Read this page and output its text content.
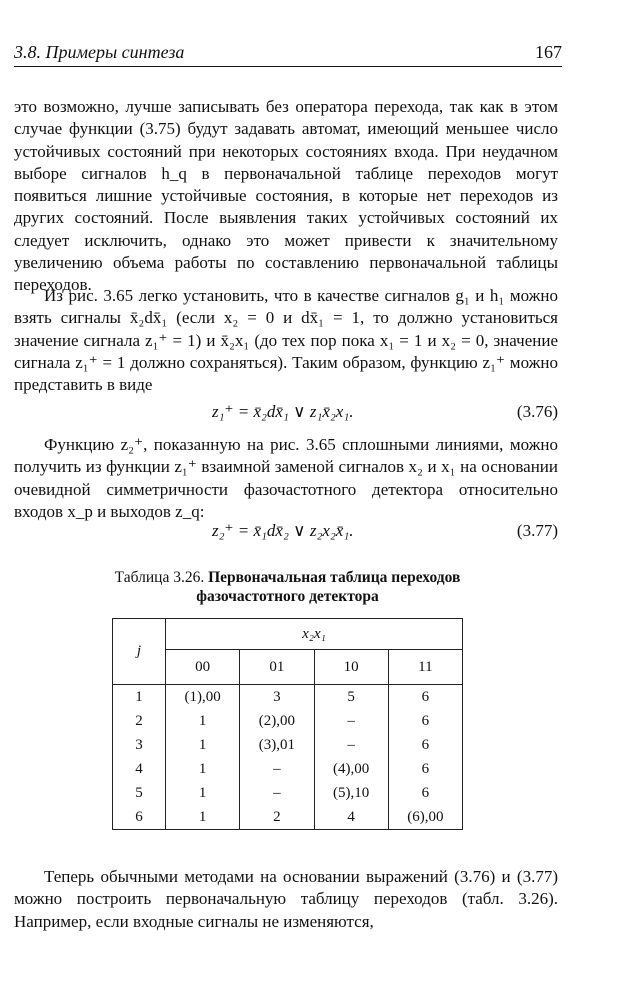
3.8. Примеры синтеза	167

это возможно, лучше записывать без оператора перехода, так как в этом случае функции (3.75) будут задавать автомат, имеющий меньшее число устойчивых состояний при некоторых состояниях входа. При неудачном выборе сигналов h_q в первоначальной таблице переходов могут появиться лишние устойчивые состояния, в которые нет переходов из других состояний. После выявления таких устойчивых состояний их следует исключить, однако это может привести к значительному увеличению объема работы по составлению первоначальной таблицы переходов.

Из рис. 3.65 легко установить, что в качестве сигналов g₁ и h₁ можно взять сигналы x̄₂dx̄₁ (если x₂ = 0 и dx̄₁ = 1, то должно установиться значение сигнала z₁⁺ = 1) и x̄₂x₁ (до тех пор пока x₁ = 1 и x₂ = 0, значение сигнала z₁⁺ = 1 должно сохраняться). Таким образом, функцию z₁⁺ можно представить в виде

z₁⁺ = x̄₂dx̄₁ ∨ z₁x̄₂x₁.	(3.76)

Функцию z₂⁺, показанную на рис. 3.65 сплошными линиями, можно получить из функции z₁⁺ взаимной заменой сигналов x₂ и x₁ на основании очевидной симметричности фазочастотного детектора относительно входов x_p и выходов z_q:

z₂⁺ = x̄₁dx̄₂ ∨ z₂x₂x̄₁.	(3.77)
Таблица 3.26. Первоначальная таблица переходов фазочастотного детектора
j	x₂x₁			
	00	01	10	11
1	(1),00	3	5	6
2	1	(2),00	–	6
3	1	(3),01	–	6
4	1	–	(4),00	6
5	1	–	(5),10	6
6	1	2	4	(6),00

Теперь обычными методами на основании выражений (3.76) и (3.77) можно построить первоначальную таблицу переходов (табл. 3.26). Например, если входные сигналы не изменяются,
